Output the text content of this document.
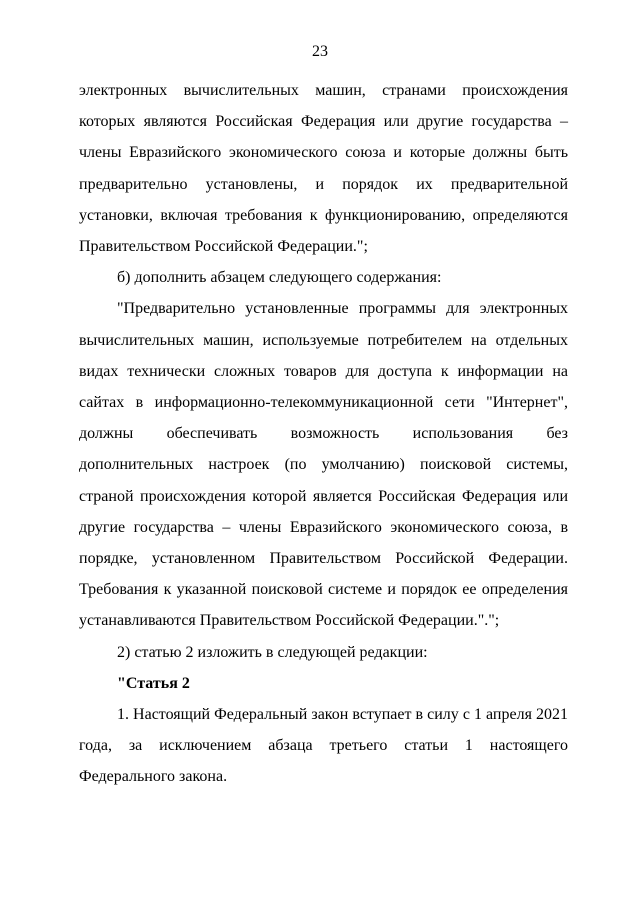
23

электронных вычислительных машин, странами происхождения которых являются Российская Федерация или другие государства – члены Евразийского экономического союза и которые должны быть предварительно установлены, и порядок их предварительной установки, включая требования к функционированию, определяются Правительством Российской Федерации.";

б) дополнить абзацем следующего содержания:

"Предварительно установленные программы для электронных вычислительных машин, используемые потребителем на отдельных видах технически сложных товаров для доступа к информации на сайтах в информационно-телекоммуникационной сети "Интернет", должны обеспечивать возможность использования без дополнительных настроек (по умолчанию) поисковой системы, страной происхождения которой является Российская Федерация или другие государства – члены Евразийского экономического союза, в порядке, установленном Правительством Российской Федерации. Требования к указанной поисковой системе и порядок ее определения устанавливаются Правительством Российской Федерации.".";

2) статью 2 изложить в следующей редакции:

"Статья 2

1. Настоящий Федеральный закон вступает в силу с 1 апреля 2021 года, за исключением абзаца третьего статьи 1 настоящего Федерального закона.
